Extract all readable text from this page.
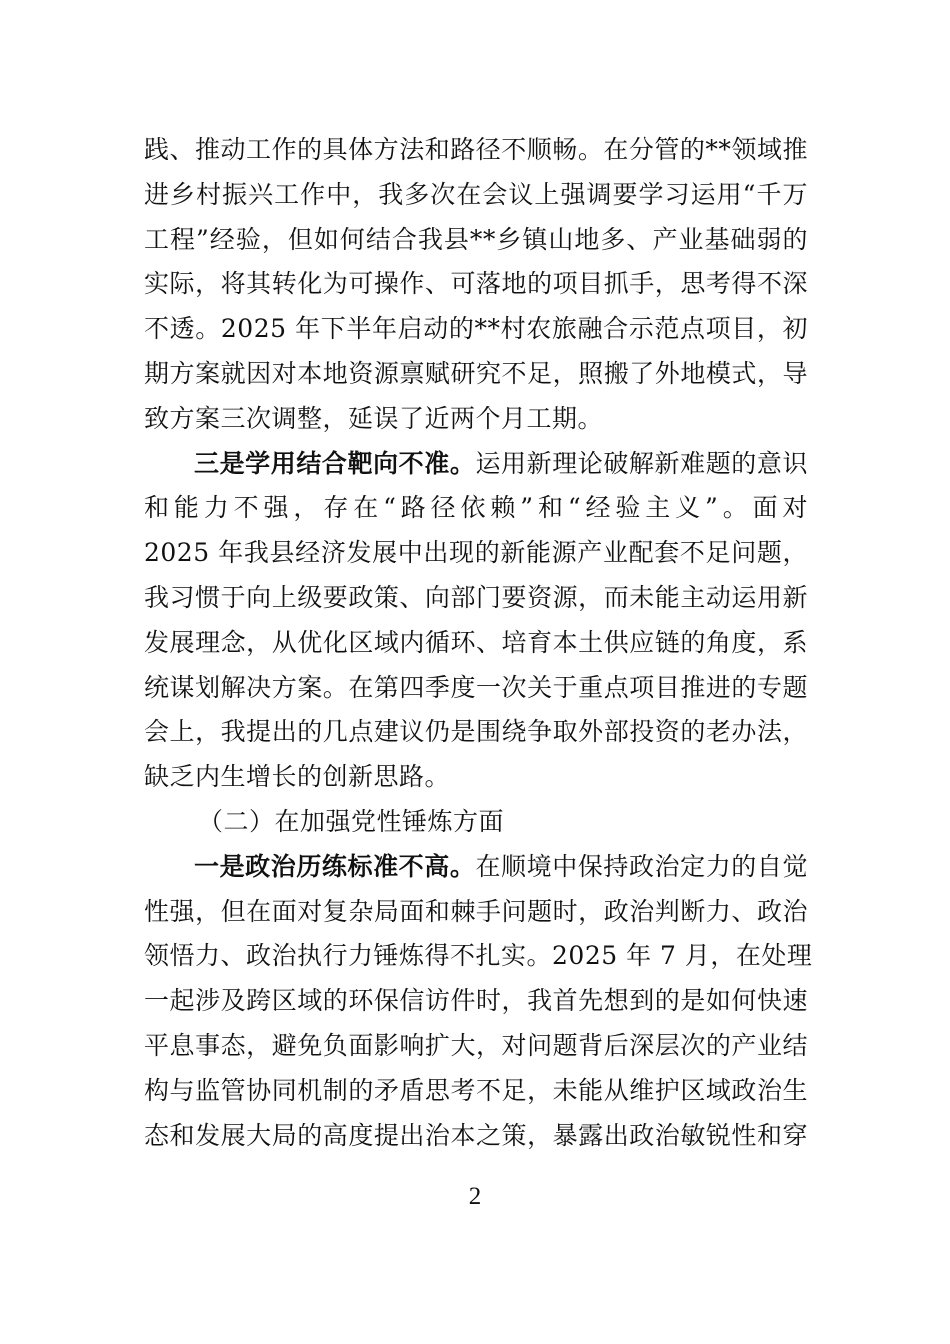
践、推动工作的具体方法和路径不顺畅。在分管的**领域推
进乡村振兴工作中，我多次在会议上强调要学习运用“千万
工程”经验，但如何结合我县**乡镇山地多、产业基础弱的
实际，将其转化为可操作、可落地的项目抓手，思考得不深
不透。2025 年下半年启动的**村农旅融合示范点项目，初
期方案就因对本地资源禀赋研究不足，照搬了外地模式，导
致方案三次调整，延误了近两个月工期。
三是学用结合靶向不准。运用新理论破解新难题的意识
和能力不强，存在“路径依赖”和“经验主义”。面对
2025 年我县经济发展中出现的新能源产业配套不足问题，
我习惯于向上级要政策、向部门要资源，而未能主动运用新
发展理念，从优化区域内循环、培育本土供应链的角度，系
统谋划解决方案。在第四季度一次关于重点项目推进的专题
会上，我提出的几点建议仍是围绕争取外部投资的老办法，
缺乏内生增长的创新思路。
（二）在加强党性锤炼方面
一是政治历练标准不高。在顺境中保持政治定力的自觉
性强，但在面对复杂局面和棘手问题时，政治判断力、政治
领悟力、政治执行力锤炼得不扎实。2025 年 7 月，在处理
一起涉及跨区域的环保信访件时，我首先想到的是如何快速
平息事态，避免负面影响扩大，对问题背后深层次的产业结
构与监管协同机制的矛盾思考不足，未能从维护区域政治生
态和发展大局的高度提出治本之策，暴露出政治敏锐性和穿
2
